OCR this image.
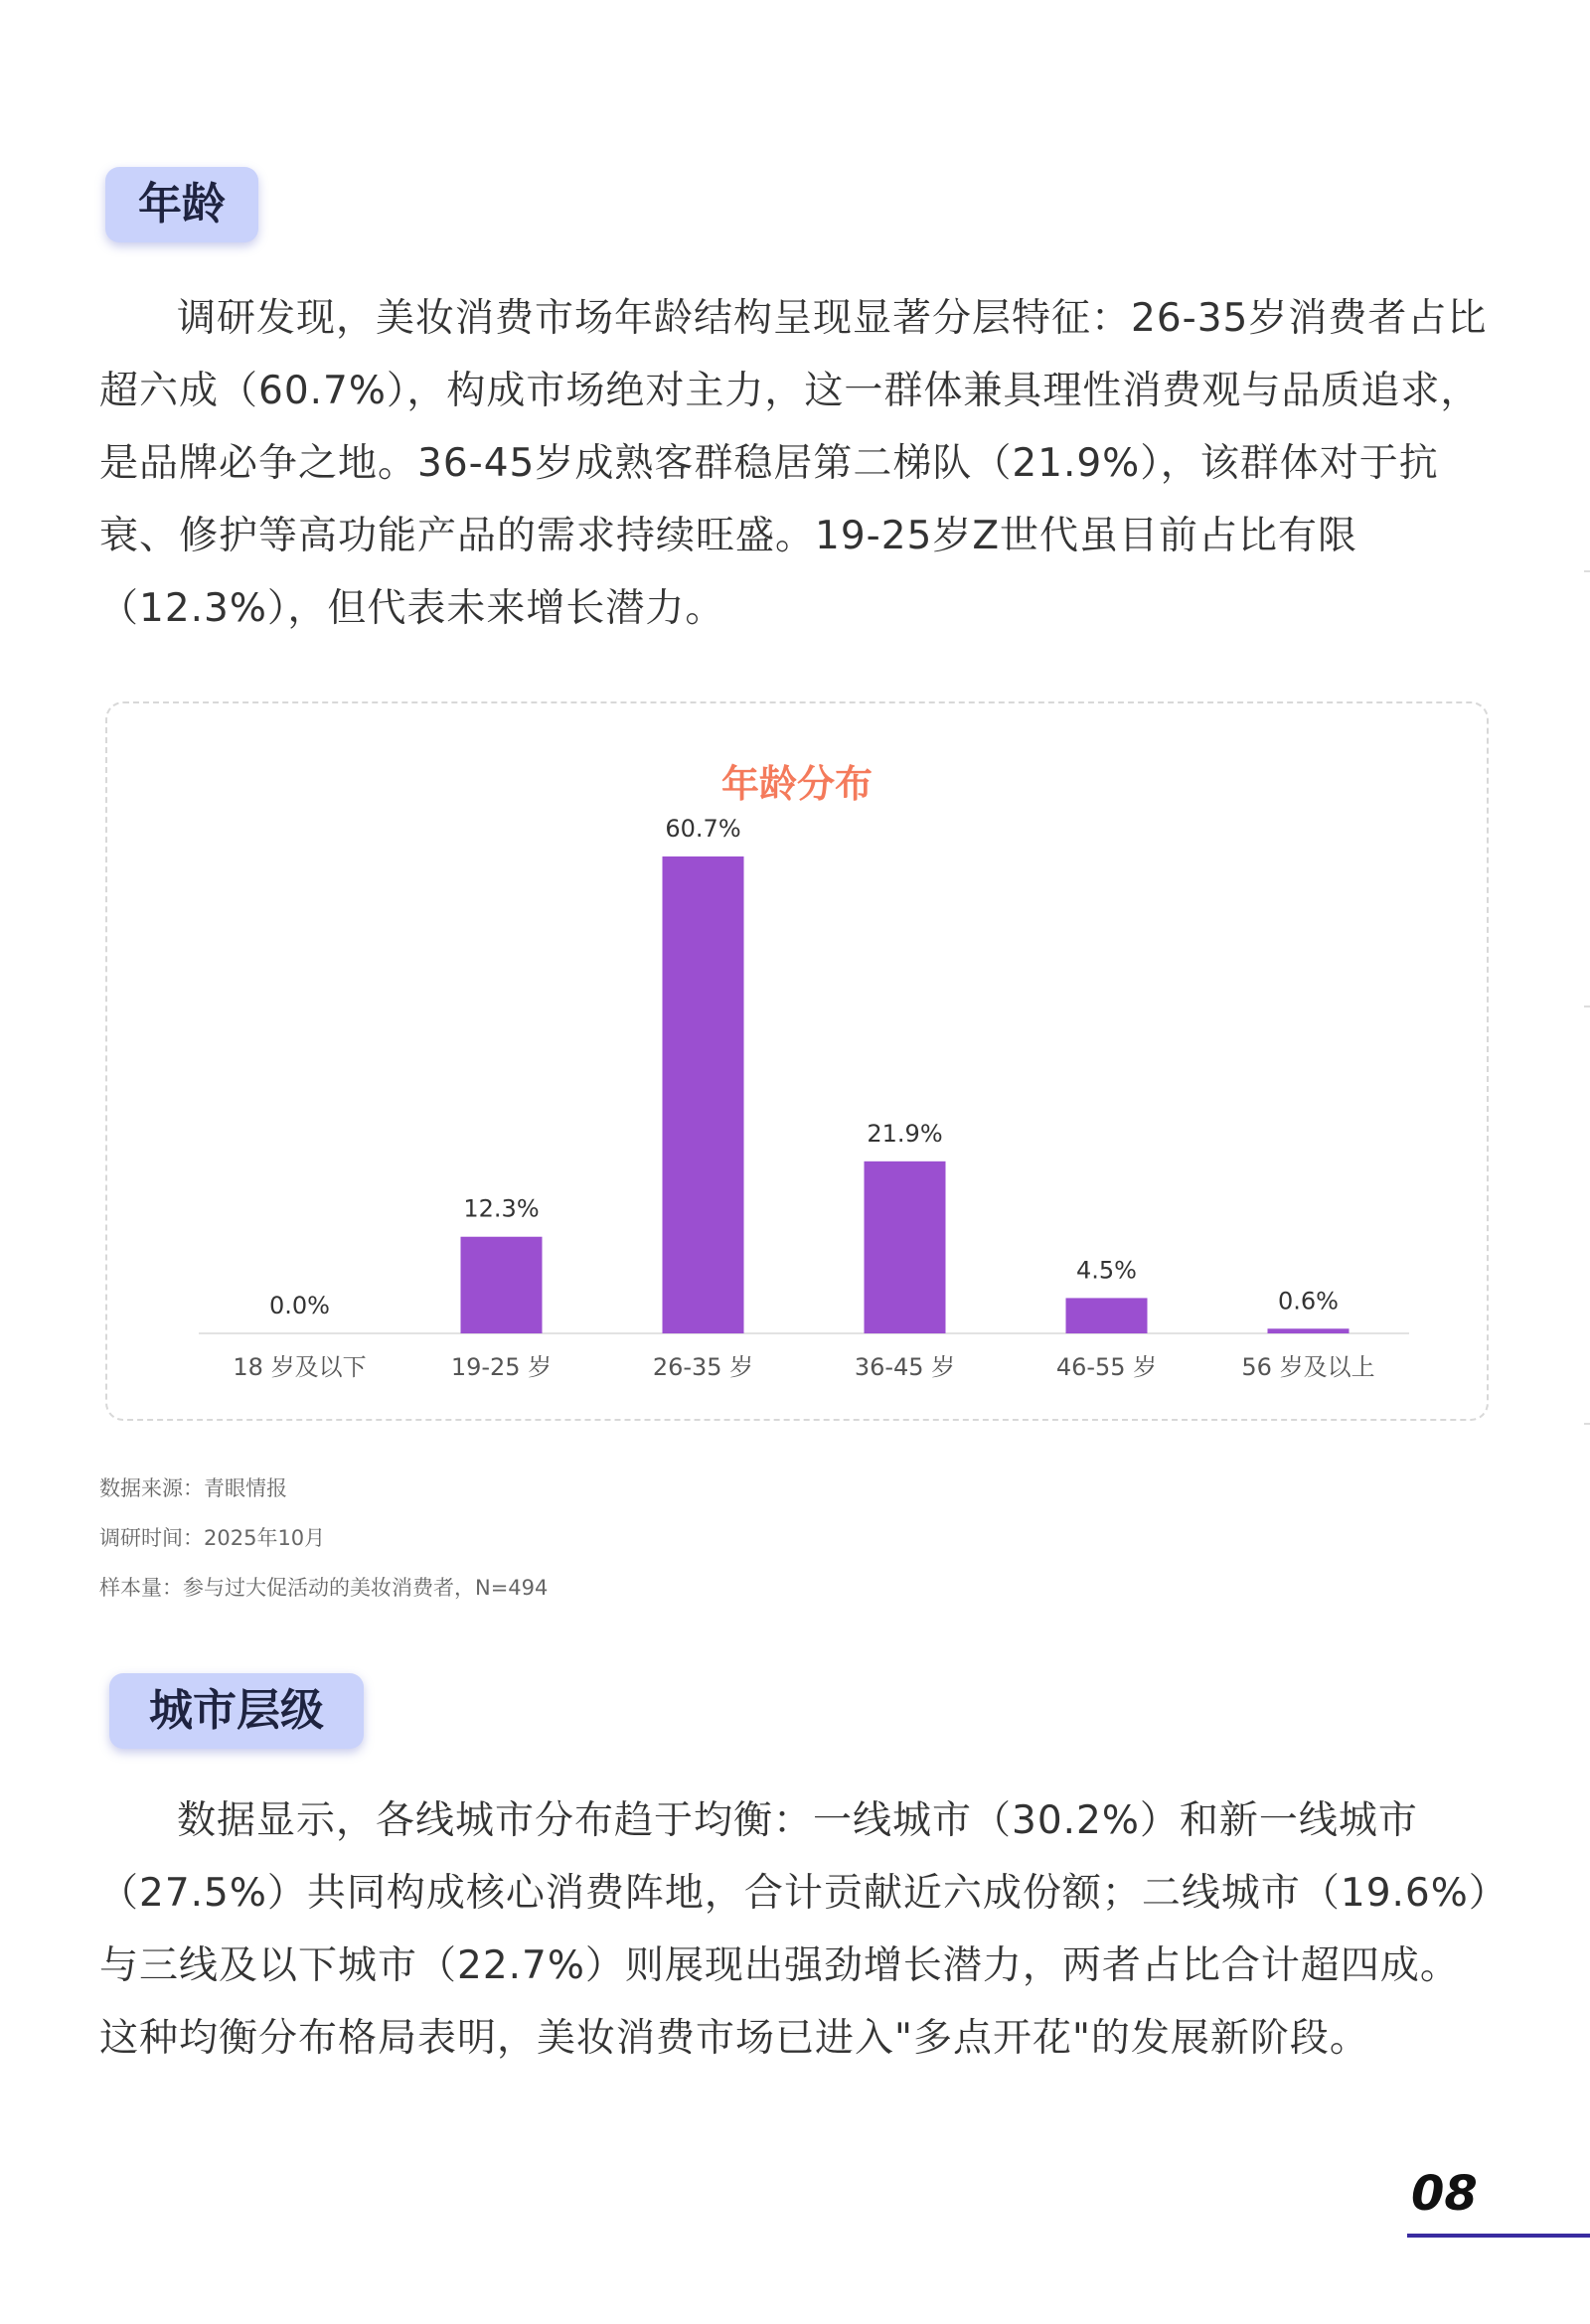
年龄

调研发现，美妆消费市场年龄结构呈现显著分层特征：26-35岁消费者占比超六成（60.7%），构成市场绝对主力，这一群体兼具理性消费观与品质追求，是品牌必争之地。36-45岁成熟客群稳居第二梯队（21.9%），该群体对于抗衰、修护等高功能产品的需求持续旺盛。19-25岁Z世代虽目前占比有限（12.3%），但代表未来增长潜力。

年龄分布
0.0%
18 岁及以下
12.3%
19-25 岁
60.7%
26-35 岁
21.9%
36-45 岁
4.5%
46-55 岁
0.6%
56 岁及以上
数据来源：青眼情报
调研时间：2025年10月
样本量：参与过大促活动的美妆消费者，N=494
城市层级

数据显示，各线城市分布趋于均衡：一线城市（30.2%）和新一线城市（27.5%）共同构成核心消费阵地，合计贡献近六成份额；二线城市（19.6%）与三线及以下城市（22.7%）则展现出强劲增长潜力，两者占比合计超四成。这种均衡分布格局表明，美妆消费市场已进入"多点开花"的发展新阶段。

08
